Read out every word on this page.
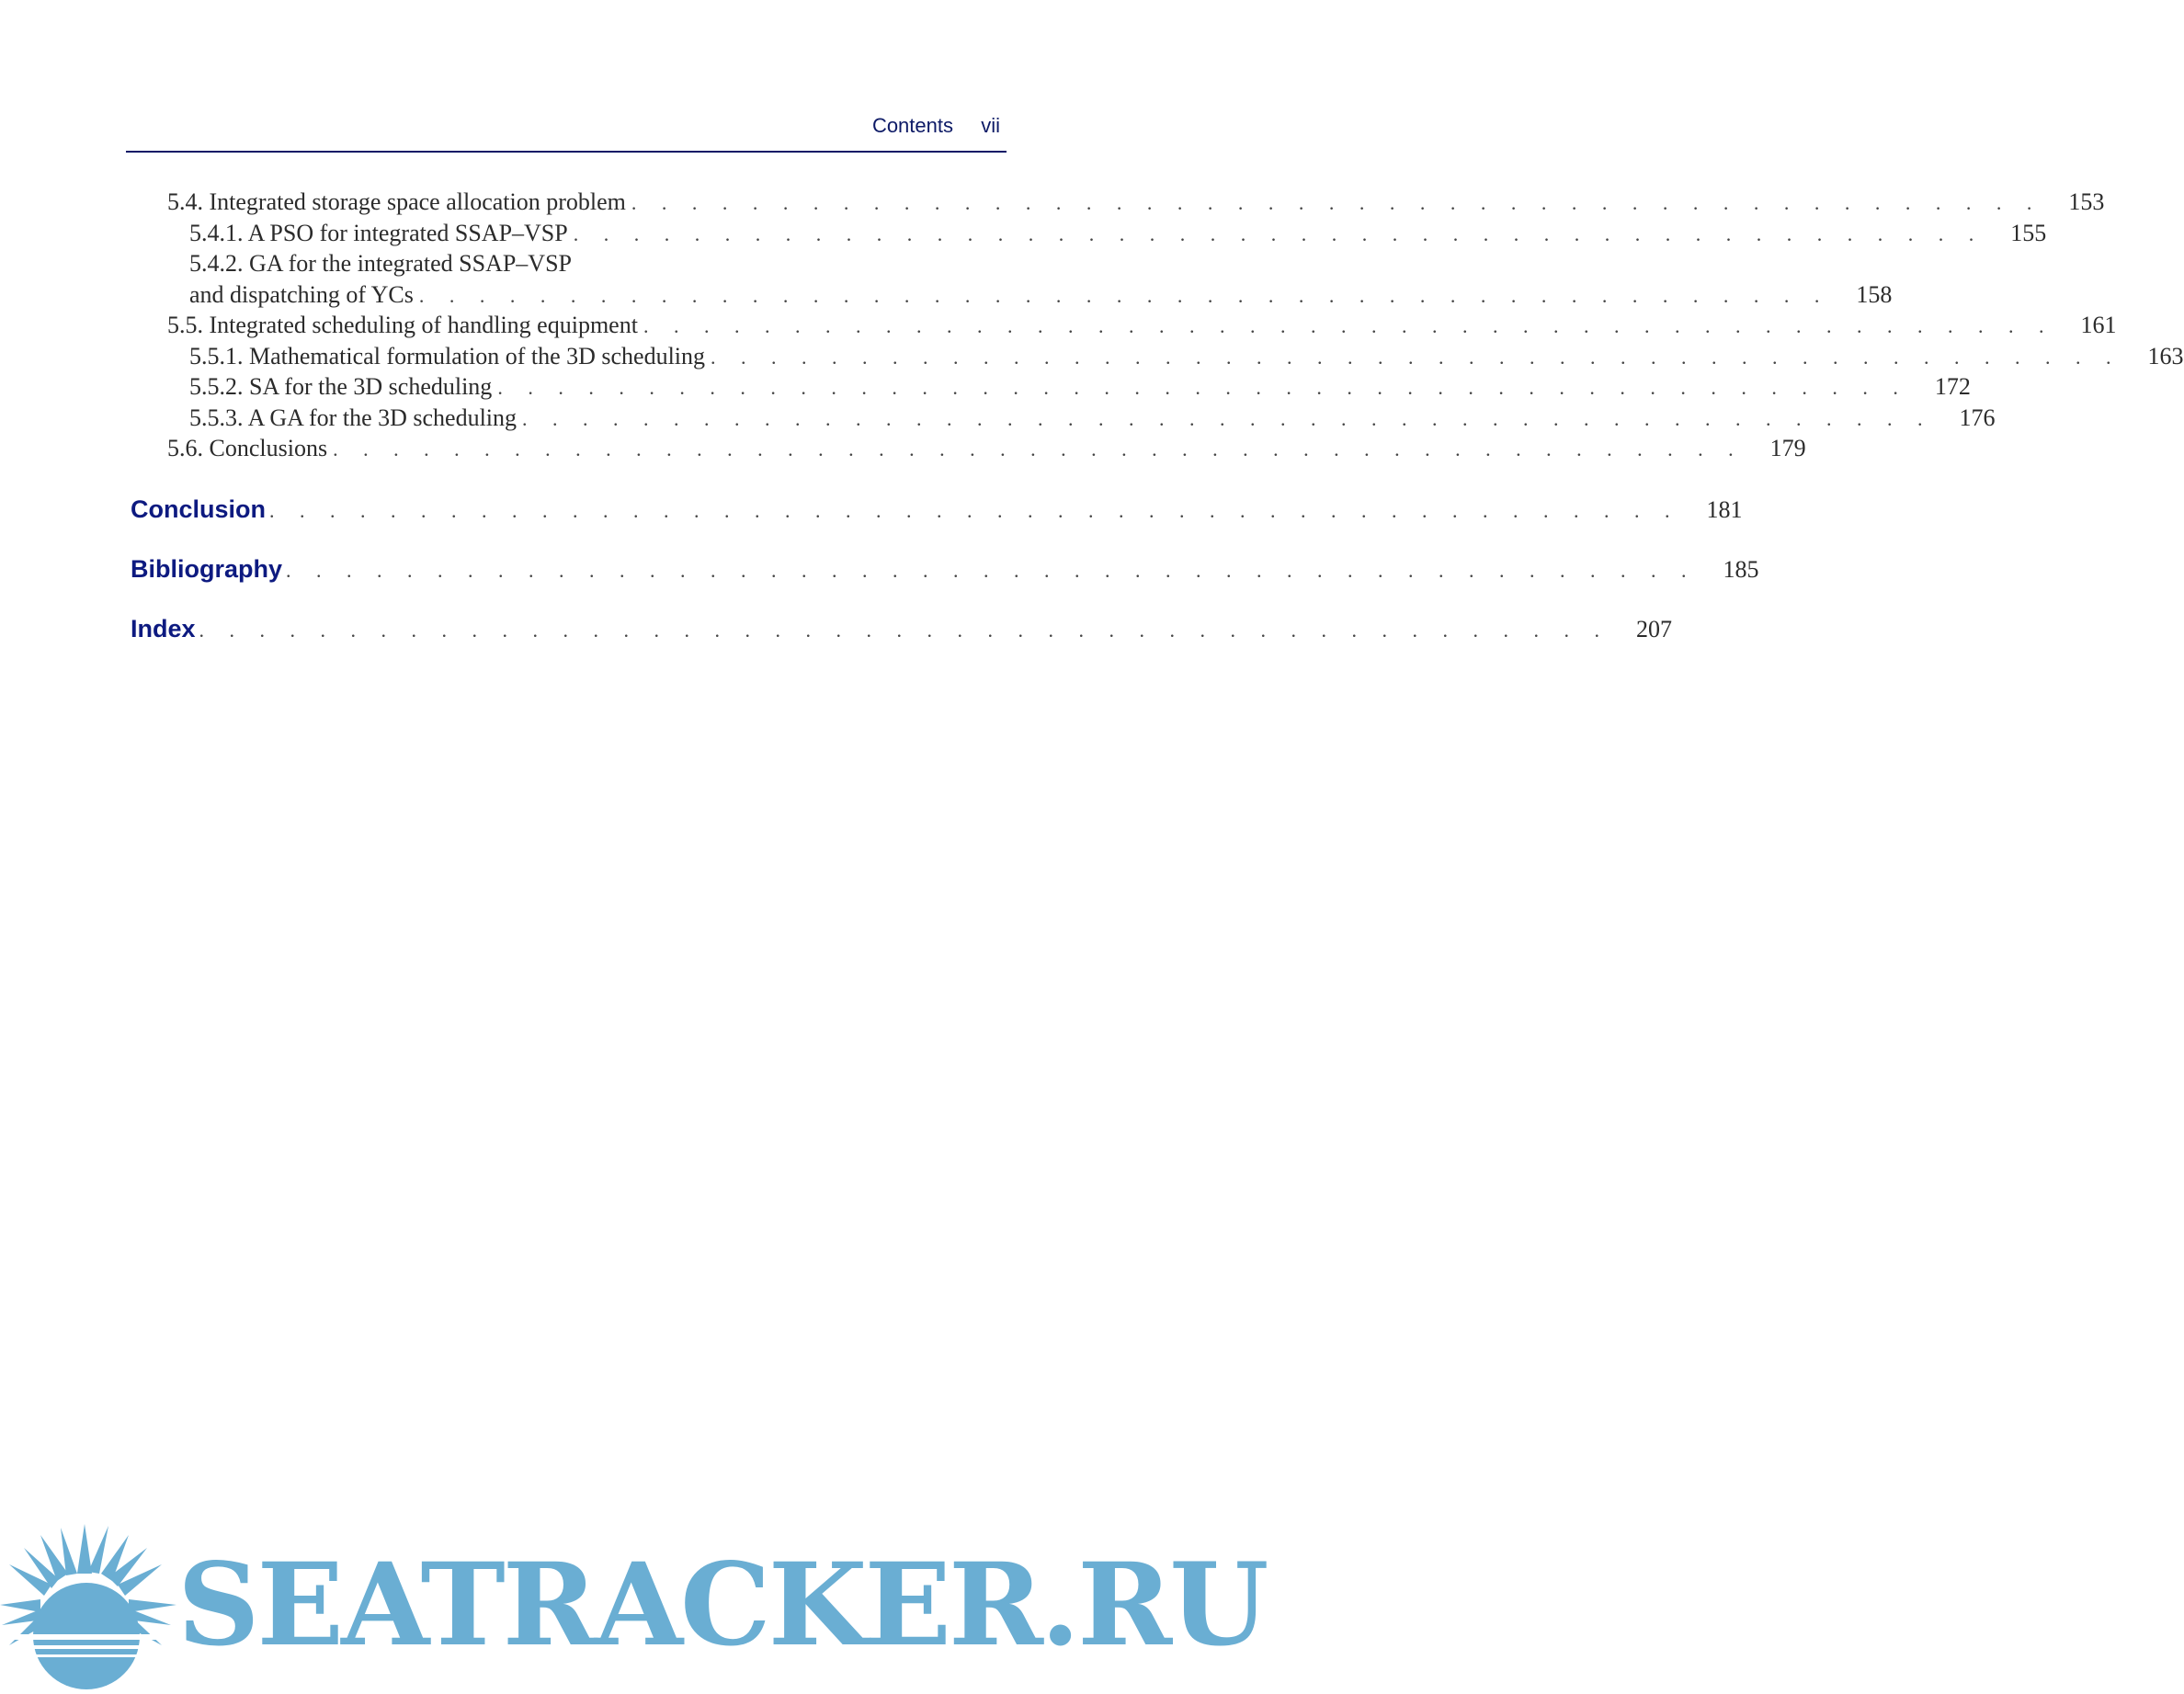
Contents vii
5.4. Integrated storage space allocation problem . . . . . . . . . . . . . . . . . . . . . . . . . . . . . . . . . . . . . . . . . . . . . . .	153
5.4.1. A PSO for integrated SSAP–VSP . . . . . . . . . . . . . . . . . . . . . . . . . . . . . . . . . . . . . . . . . . . . . . .	155
5.4.2. GA for the integrated SSAP–VSP
and dispatching of YCs . . . . . . . . . . . . . . . . . . . . . . . . . . . . . . . . . . . . . . . . . . . . . . .	158
5.5. Integrated scheduling of handling equipment . . . . . . . . . . . . . . . . . . . . . . . . . . . . . . . . . . . . . . . . . . . . . . .	161
5.5.1. Mathematical formulation of the 3D scheduling . . . . . . . . . . . . . . . . . . . . . . . . . . . . . . . . . . . . . . . . . . . . . . .	163
5.5.2. SA for the 3D scheduling . . . . . . . . . . . . . . . . . . . . . . . . . . . . . . . . . . . . . . . . . . . . . . .	172
5.5.3. A GA for the 3D scheduling . . . . . . . . . . . . . . . . . . . . . . . . . . . . . . . . . . . . . . . . . . . . . . .	176
5.6. Conclusions . . . . . . . . . . . . . . . . . . . . . . . . . . . . . . . . . . . . . . . . . . . . . . .	179
Conclusion . . . . . . . . . . . . . . . . . . . . . . . . . . . . . . . . . . . . . . . . . . . . . . .	181
Bibliography . . . . . . . . . . . . . . . . . . . . . . . . . . . . . . . . . . . . . . . . . . . . . . .	185
Index . . . . . . . . . . . . . . . . . . . . . . . . . . . . . . . . . . . . . . . . . . . . . . .	207
SEATRACKER.RU
